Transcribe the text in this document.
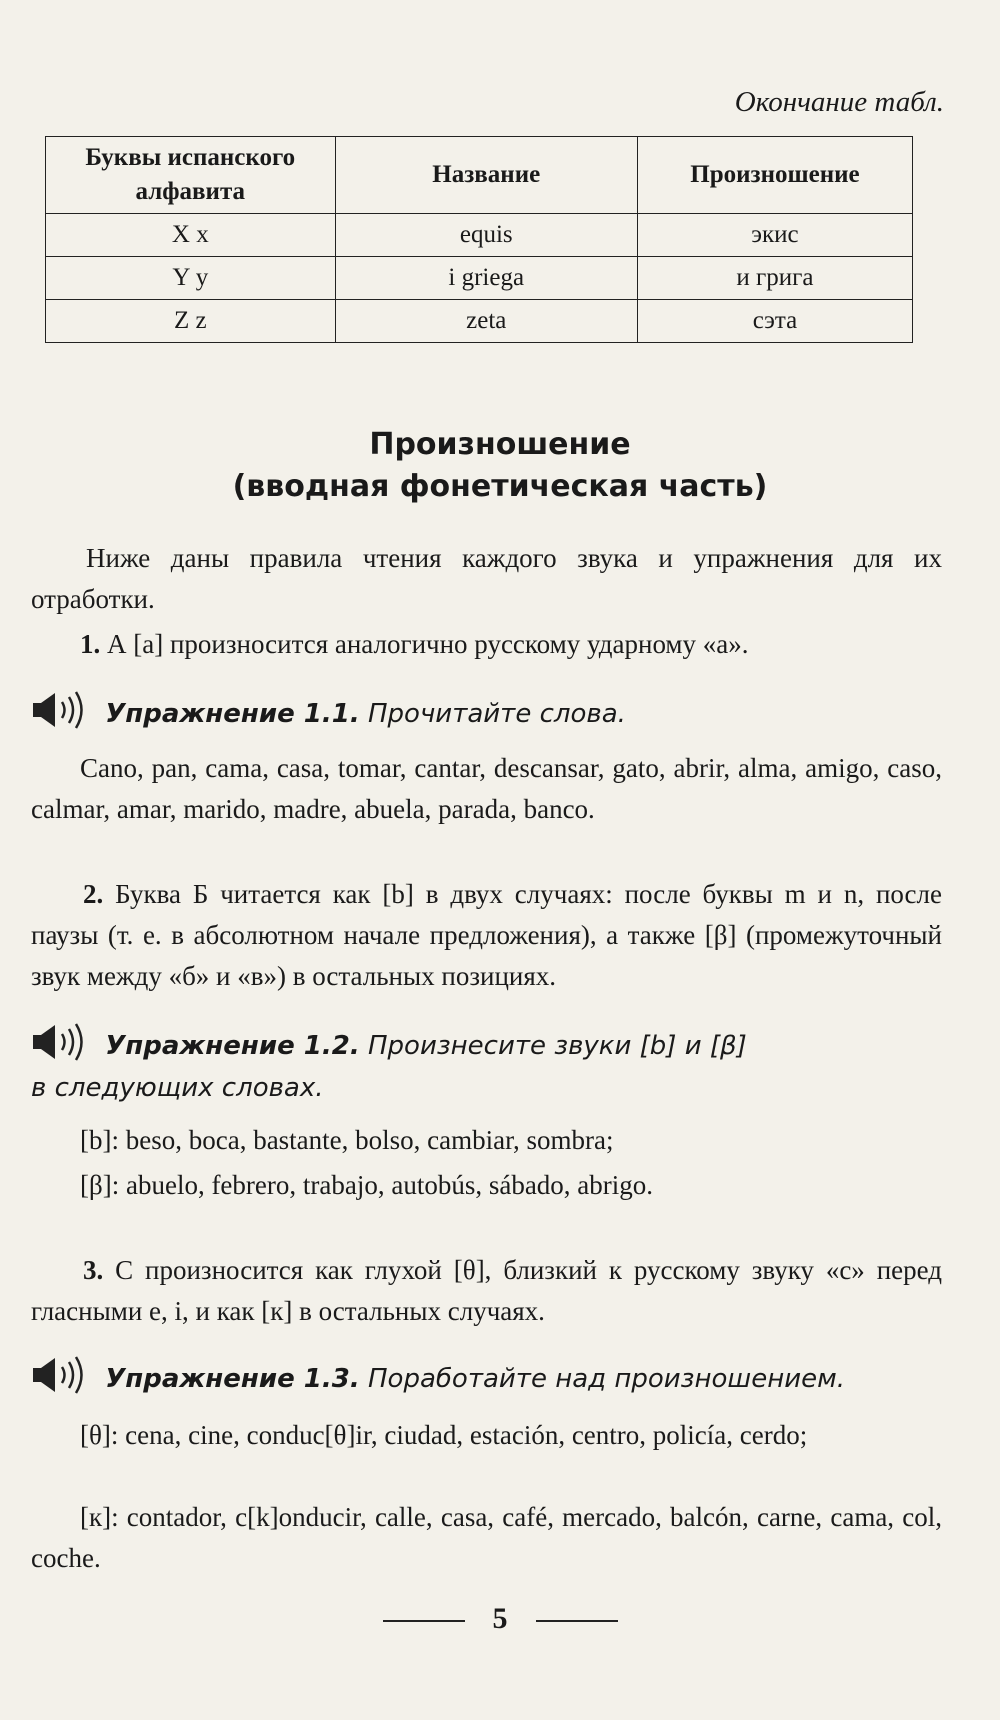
Окончание табл.
Буквы испанского алфавита	Название	Произношение
X x	equis	экис
Y y	i griega	и грига
Z z	zeta	сэта
Произношение
(вводная фонетическая часть)

Ниже даны правила чтения каждого звука и упражнения для их отработки.

1. А [а] произносится аналогично русскому ударному «а».

Упражнение 1.1. Прочитайте слова.

Cano, pan, cama, casa, tomar, cantar, descansar, gato, abrir, alma, amigo, caso, calmar, amar, marido, madre, abuela, parada, banco.

2. Буква Б читается как [b] в двух случаях: после буквы m и n, после паузы (т. е. в абсолютном начале предложения), а также [β] (промежуточный звук между «б» и «в») в остальных позициях.

Упражнение 1.2. Произнесите звуки [b] и [β]
в следующих словах.

[b]: beso, boca, bastante, bolso, cambiar, sombra;

[β]: abuelo, febrero, trabajo, autobús, sábado, abrigo.

3. С произносится как глухой [θ], близкий к русскому звуку «с» перед гласными e, i, и как [к] в остальных случаях.

Упражнение 1.3. Поработайте над произношением.

[θ]: cena, cine, conduc[θ]ir, ciudad, estación, centro, policía, cerdo;

[к]: contador, c[k]onducir, calle, casa, café, mercado, balcón, carne, cama, col, coche.

5
